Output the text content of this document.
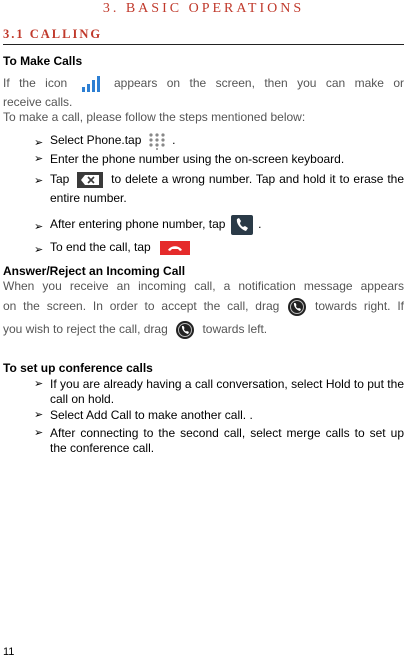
3. BASIC OPERATIONS
3.1 CALLING
To Make Calls
If the icon	appears on the screen, then you can make or
receive calls.
To make a call, please follow the steps mentioned below:
➢ Select Phone.tap	.
➢ Enter the phone number using the on-screen keyboard.
➢ Tap	to delete a wrong number. Tap and hold it to erase the entire number.
➢ After entering phone number, tap	.
➢ To end the call, tap
Answer/Reject an Incoming Call
When you receive an incoming call, a notification message appears
on the screen. In order to accept the call, drag	towards right. If
you wish to reject the call, drag	towards left.
To set up conference calls
➢ If you are already having a call conversation, select Hold to put the call on hold.
➢ Select Add Call to make another call. .
➢ After connecting to the second call, select merge calls to set up the conference call.
11
